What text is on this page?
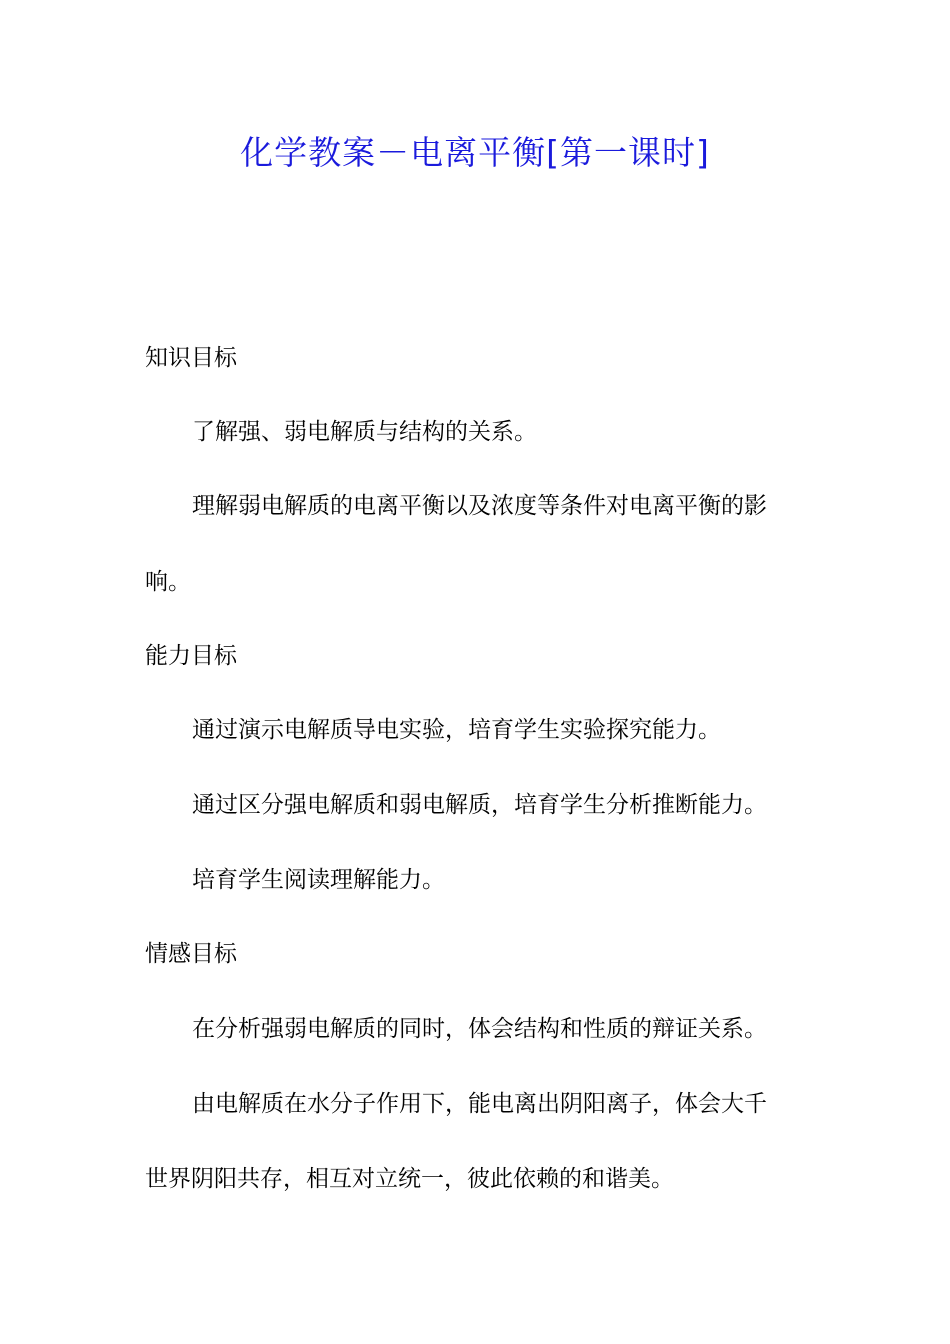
化学教案－电离平衡[第一课时]
知识目标
了解强、弱电解质与结构的关系。
理解弱电解质的电离平衡以及浓度等条件对电离平衡的影
响。
能力目标
通过演示电解质导电实验，培育学生实验探究能力。
通过区分强电解质和弱电解质，培育学生分析推断能力。
培育学生阅读理解能力。
情感目标
在分析强弱电解质的同时，体会结构和性质的辩证关系。
由电解质在水分子作用下，能电离出阴阳离子，体会大千
世界阴阳共存，相互对立统一，彼此依赖的和谐美。
